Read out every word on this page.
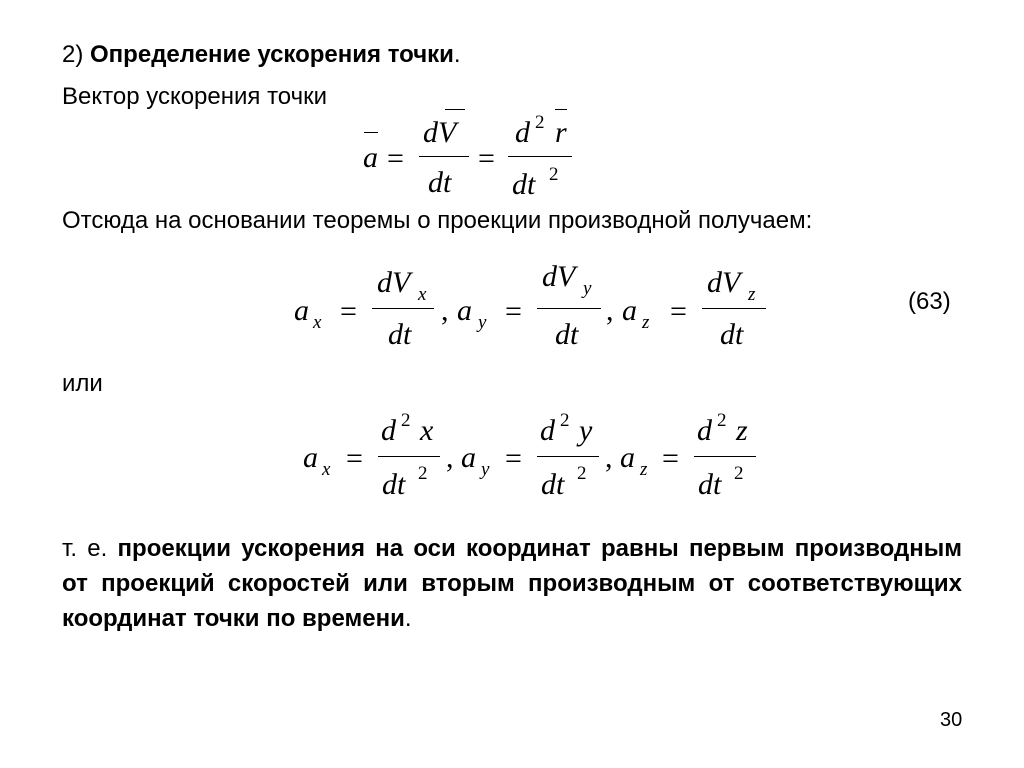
2) Определение ускорения точки.
Вектор ускорения точки
a =
dV
dt
=
d 2 r
dt 2
Отсюда на основании теоремы о проекции производной получаем:
a x =
dV x
dt
, a y =
dV y
dt
, a z =
dV z
dt
(63)
или
a x =
d 2 x
dt 2 , a y =
d 2 y
dt 2 , a z =
d 2 z
dt 2
т. е. проекции ускорения на оси координат равны первым производным от проекций скоростей или вторым производным от соответствующих координат точки по времени.
30
